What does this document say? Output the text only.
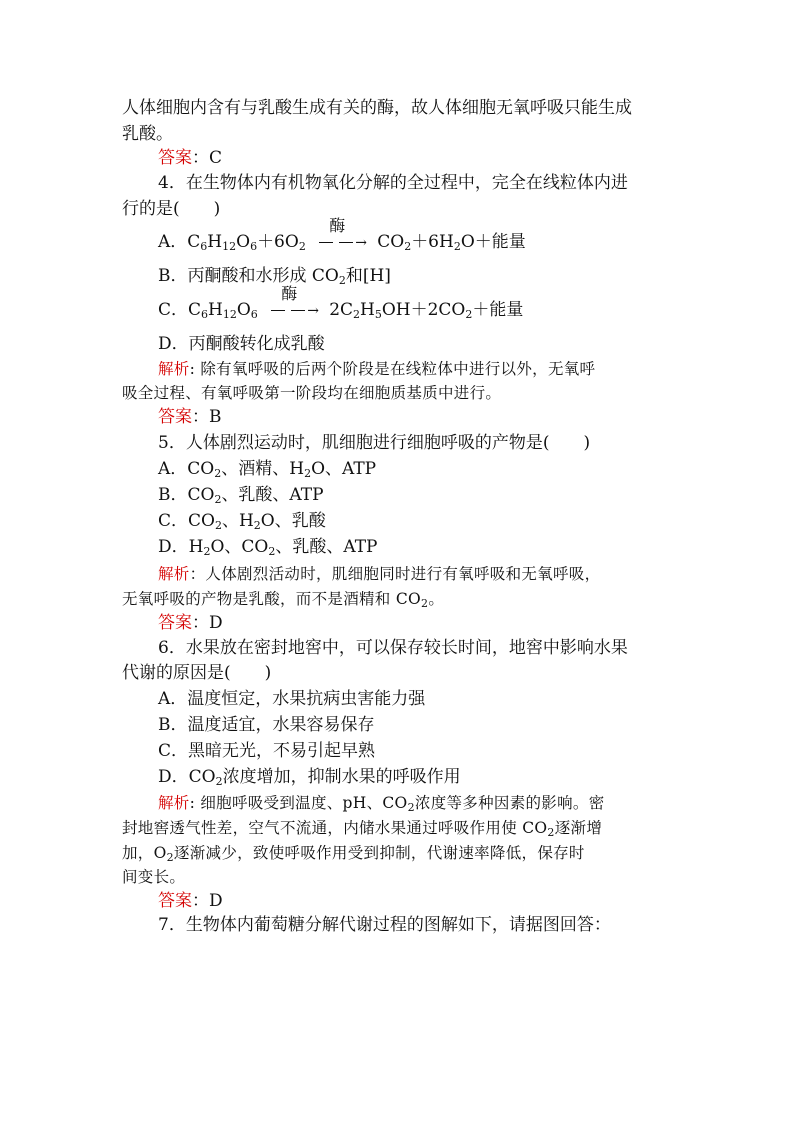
人体细胞内含有与乳酸生成有关的酶，故人体细胞无氧呼吸只能生成
乳酸。
答案：C
4．在生物体内有机物氧化分解的全过程中，完全在线粒体内进
行的是(　　)
A．$C_6H_{12}O_6+6O_2$
酶
→ $CO_2+6H_2O+$能量
B．丙酮酸和水形成 $CO_2$和[H]
C．$C_6H_{12}O_6$
酶
→ $2C_2H_5OH+2CO_2+$能量
D．丙酮酸转化成乳酸
解析: 除有氧呼吸的后两个阶段是在线粒体中进行以外，无氧呼
吸全过程、有氧呼吸第一阶段均在细胞质基质中进行。
答案：B
5．人体剧烈运动时，肌细胞进行细胞呼吸的产物是(　　)
A．$CO_2$、酒精、$H_2O$、ATP
B．$CO_2$、乳酸、ATP
C．$CO_2$、$H_2O$、乳酸
D．$H_2O$、$CO_2$、乳酸、ATP
解析：人体剧烈活动时，肌细胞同时进行有氧呼吸和无氧呼吸，
无氧呼吸的产物是乳酸，而不是酒精和 $CO_2$。
答案：D
6．水果放在密封地窖中，可以保存较长时间，地窖中影响水果
代谢的原因是(　　)
A．温度恒定，水果抗病虫害能力强
B．温度适宜，水果容易保存
C．黑暗无光，不易引起早熟
D．$CO_2$浓度增加，抑制水果的呼吸作用
解析: 细胞呼吸受到温度、pH、$CO_2$浓度等多种因素的影响。密
封地窖透气性差，空气不流通，内储水果通过呼吸作用使 $CO_2$逐渐增
加，$O_2$逐渐减少，致使呼吸作用受到抑制，代谢速率降低，保存时
间变长。
答案：D
7．生物体内葡萄糖分解代谢过程的图解如下，请据图回答：
